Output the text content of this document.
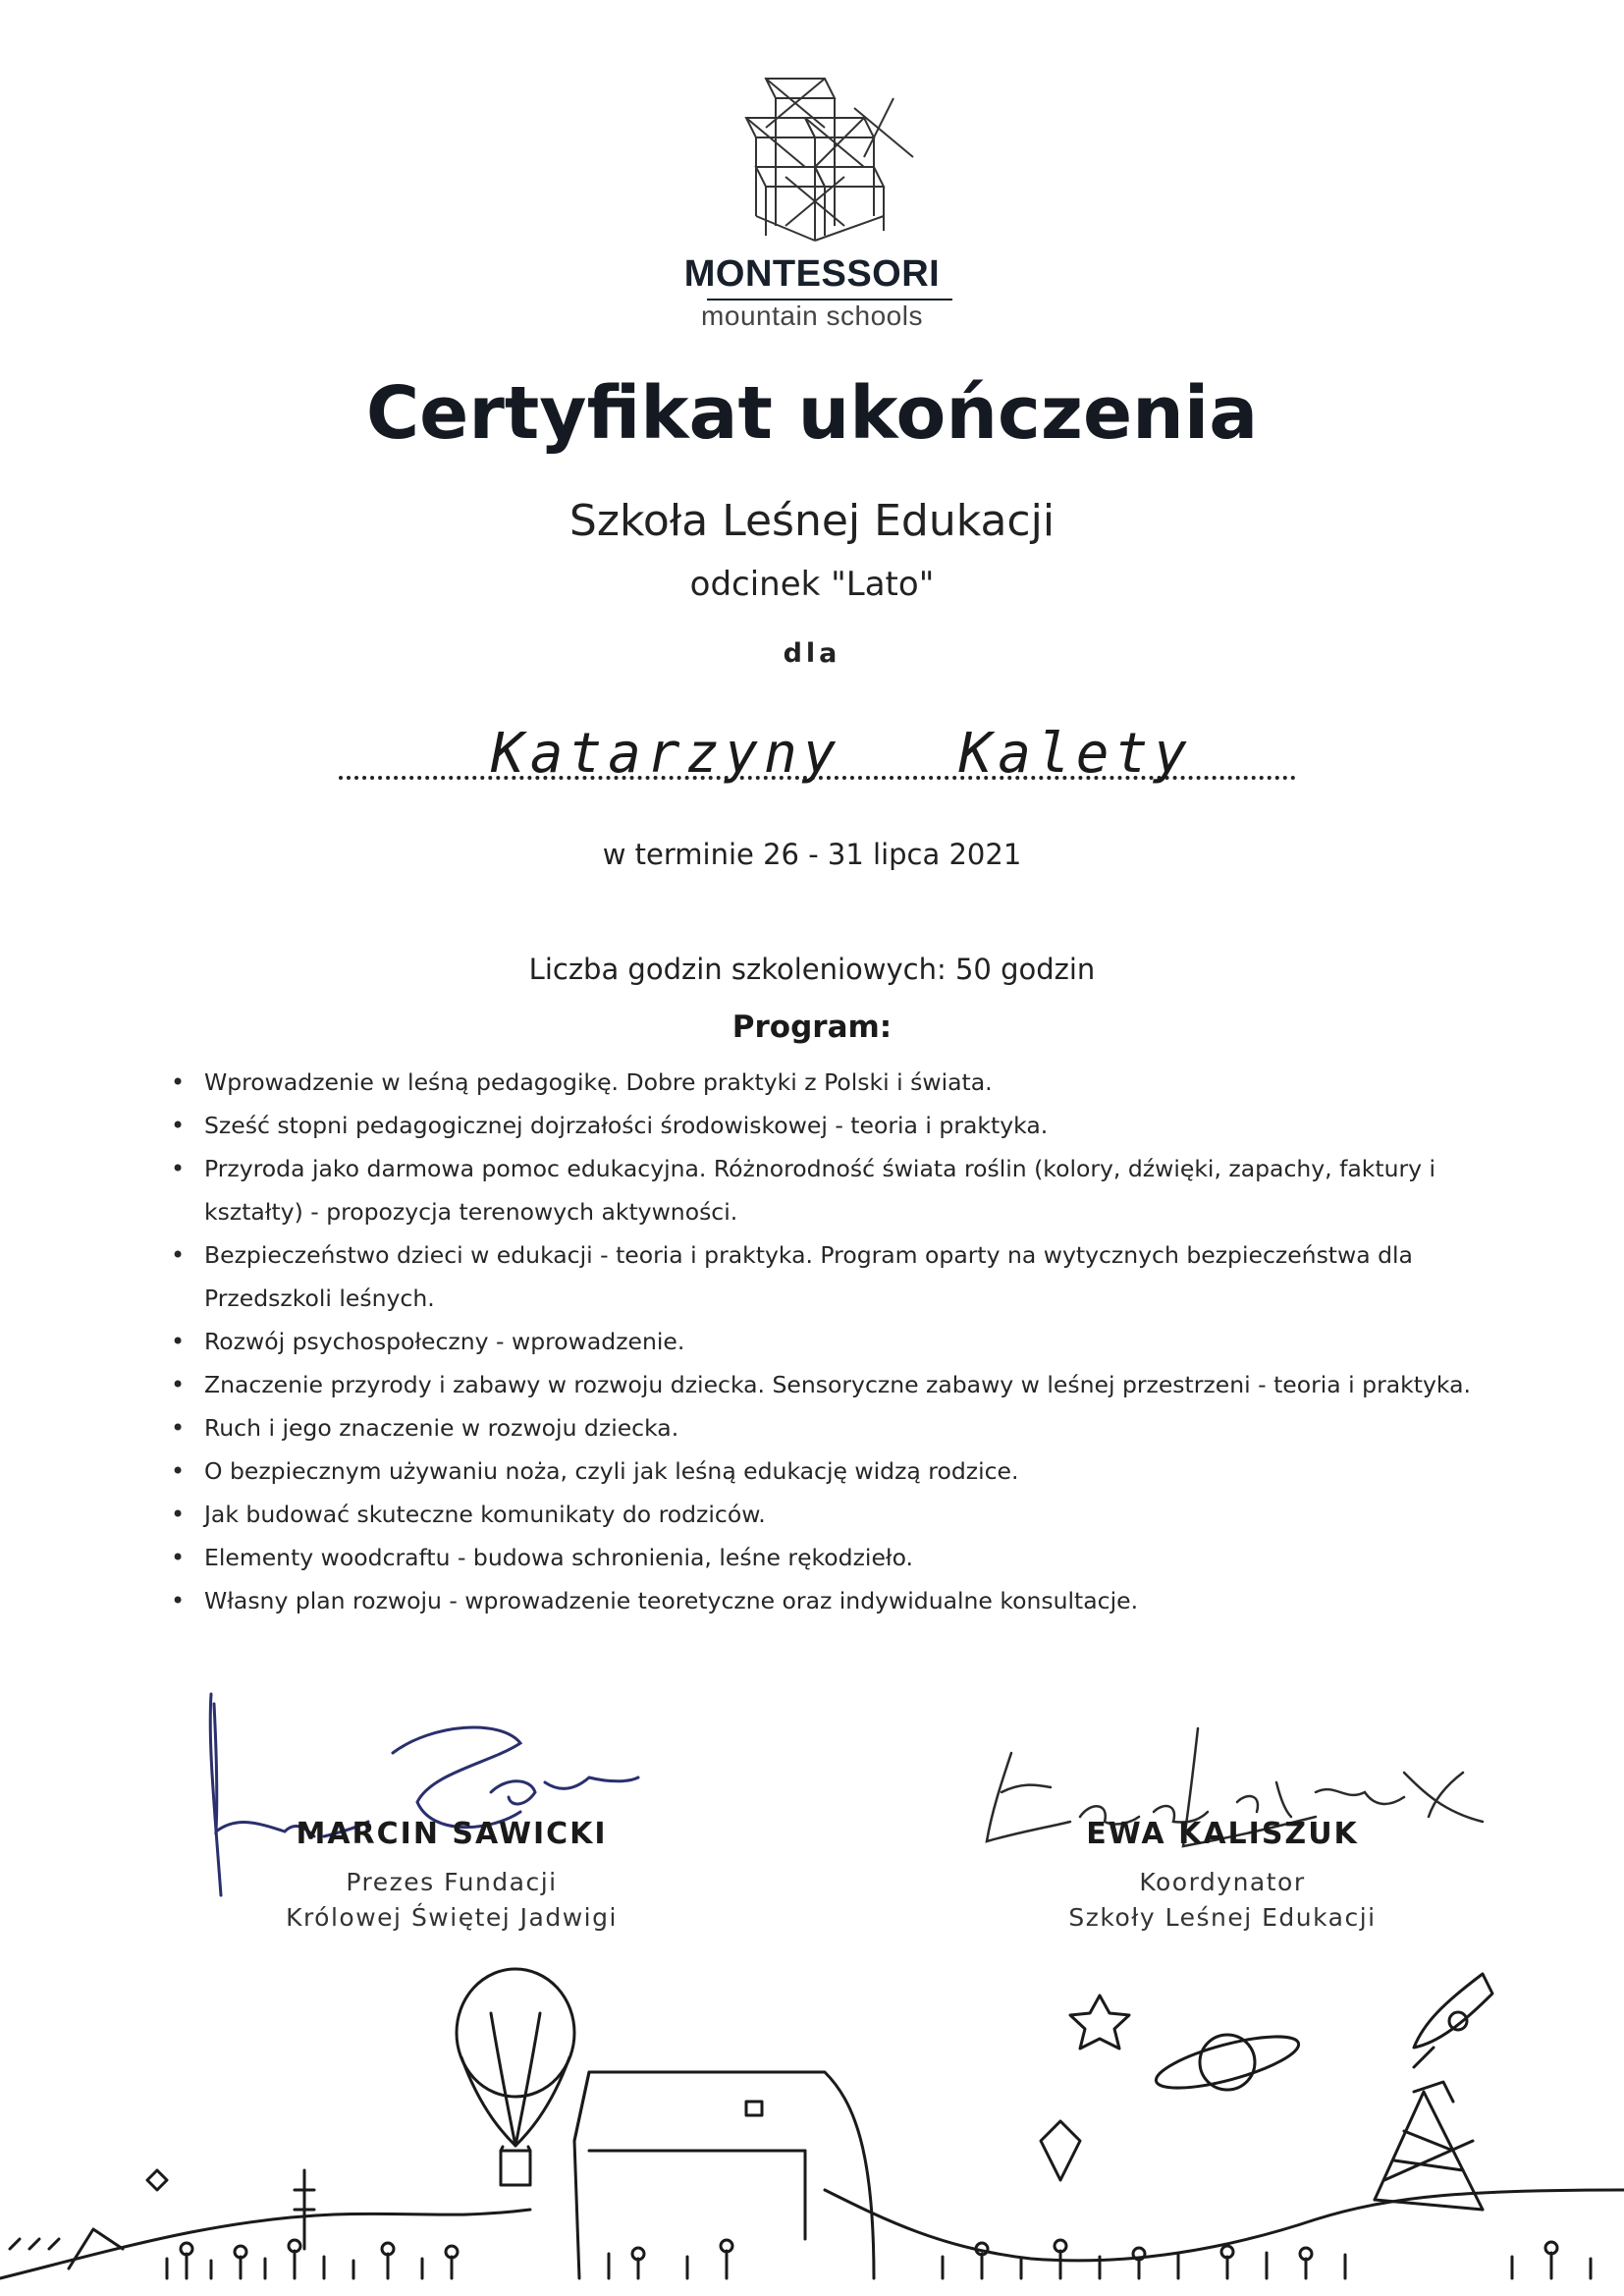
MONTESSORI
mountain schools
Certyfikat ukończenia
Szkoła Leśnej Edukacji
odcinek "Lato"
dla
Katarzyny   Kalety
w terminie 26 - 31 lipca 2021
Liczba godzin szkoleniowych: 50 godzin
Program:
• Wprowadzenie w leśną pedagogikę. Dobre praktyki z Polski i świata.
• Sześć stopni pedagogicznej dojrzałości środowiskowej - teoria i praktyka.
• Przyroda jako darmowa pomoc edukacyjna. Różnorodność świata roślin (kolory, dźwięki, zapachy, faktury i kształty) - propozycja terenowych aktywności.
• Bezpieczeństwo dzieci w edukacji - teoria i praktyka. Program oparty na wytycznych bezpieczeństwa dla Przedszkoli leśnych.
• Rozwój psychospołeczny - wprowadzenie.
• Znaczenie przyrody i zabawy w rozwoju dziecka. Sensoryczne zabawy w leśnej przestrzeni - teoria i praktyka.
• Ruch i jego znaczenie w rozwoju dziecka.
• O bezpiecznym używaniu noża, czyli jak leśną edukację widzą rodzice.
• Jak budować skuteczne komunikaty do rodziców.
• Elementy woodcraftu - budowa schronienia, leśne rękodzieło.
• Własny plan rozwoju - wprowadzenie teoretyczne oraz indywidualne konsultacje.
MARCIN SAWICKI
Prezes Fundacji
Królowej Świętej Jadwigi
EWA KALISZUK
Koordynator
Szkoły Leśnej Edukacji
